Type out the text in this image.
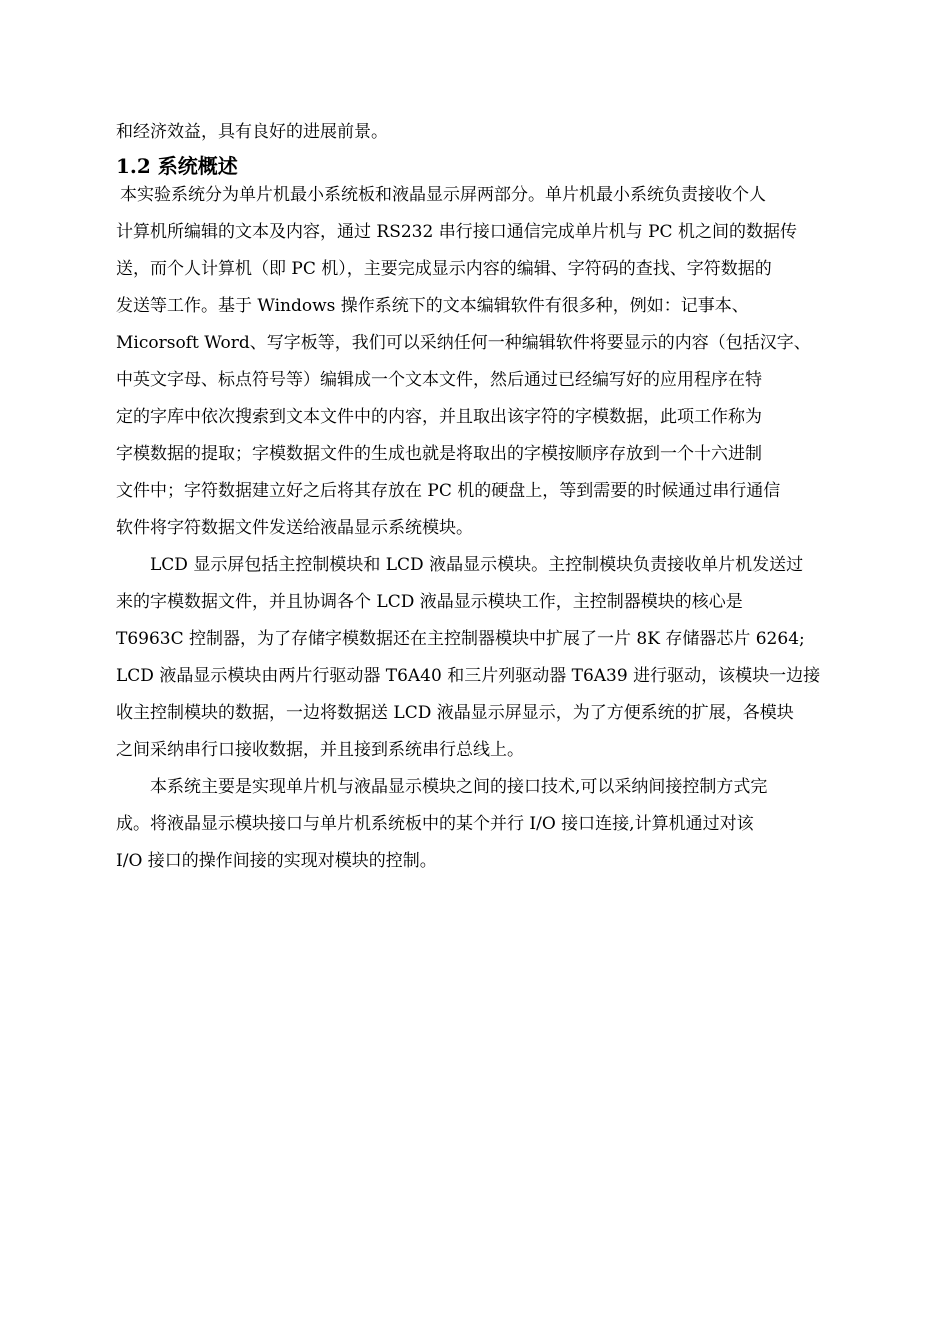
和经济效益，具有良好的进展前景。

1.2 系统概述

本实验系统分为单片机最小系统板和液晶显示屏两部分。单片机最小系统负责接收个人

计算机所编辑的文本及内容，通过 RS232 串行接口通信完成单片机与 PC 机之间的数据传

送，而个人计算机（即 PC 机），主要完成显示内容的编辑、字符码的查找、字符数据的

发送等工作。基于 Windows 操作系统下的文本编辑软件有很多种，例如：记事本、

Micorsoft Word、写字板等，我们可以采纳任何一种编辑软件将要显示的内容（包括汉字、

中英文字母、标点符号等）编辑成一个文本文件，然后通过已经编写好的应用程序在特

定的字库中依次搜索到文本文件中的内容，并且取出该字符的字模数据，此项工作称为

字模数据的提取；字模数据文件的生成也就是将取出的字模按顺序存放到一个十六进制

文件中；字符数据建立好之后将其存放在 PC 机的硬盘上，等到需要的时候通过串行通信

软件将字符数据文件发送给液晶显示系统模块。

LCD 显示屏包括主控制模块和 LCD 液晶显示模块。主控制模块负责接收单片机发送过

来的字模数据文件，并且协调各个 LCD 液晶显示模块工作，主控制器模块的核心是

T6963C 控制器，为了存储字模数据还在主控制器模块中扩展了一片 8K 存储器芯片 6264;

LCD 液晶显示模块由两片行驱动器 T6A40 和三片列驱动器 T6A39 进行驱动，该模块一边接

收主控制模块的数据，一边将数据送 LCD 液晶显示屏显示，为了方便系统的扩展，各模块

之间采纳串行口接收数据，并且接到系统串行总线上。

本系统主要是实现单片机与液晶显示模块之间的接口技术,可以采纳间接控制方式完

成。将液晶显示模块接口与单片机系统板中的某个并行 I/O 接口连接,计算机通过对该

I/O 接口的操作间接的实现对模块的控制。
